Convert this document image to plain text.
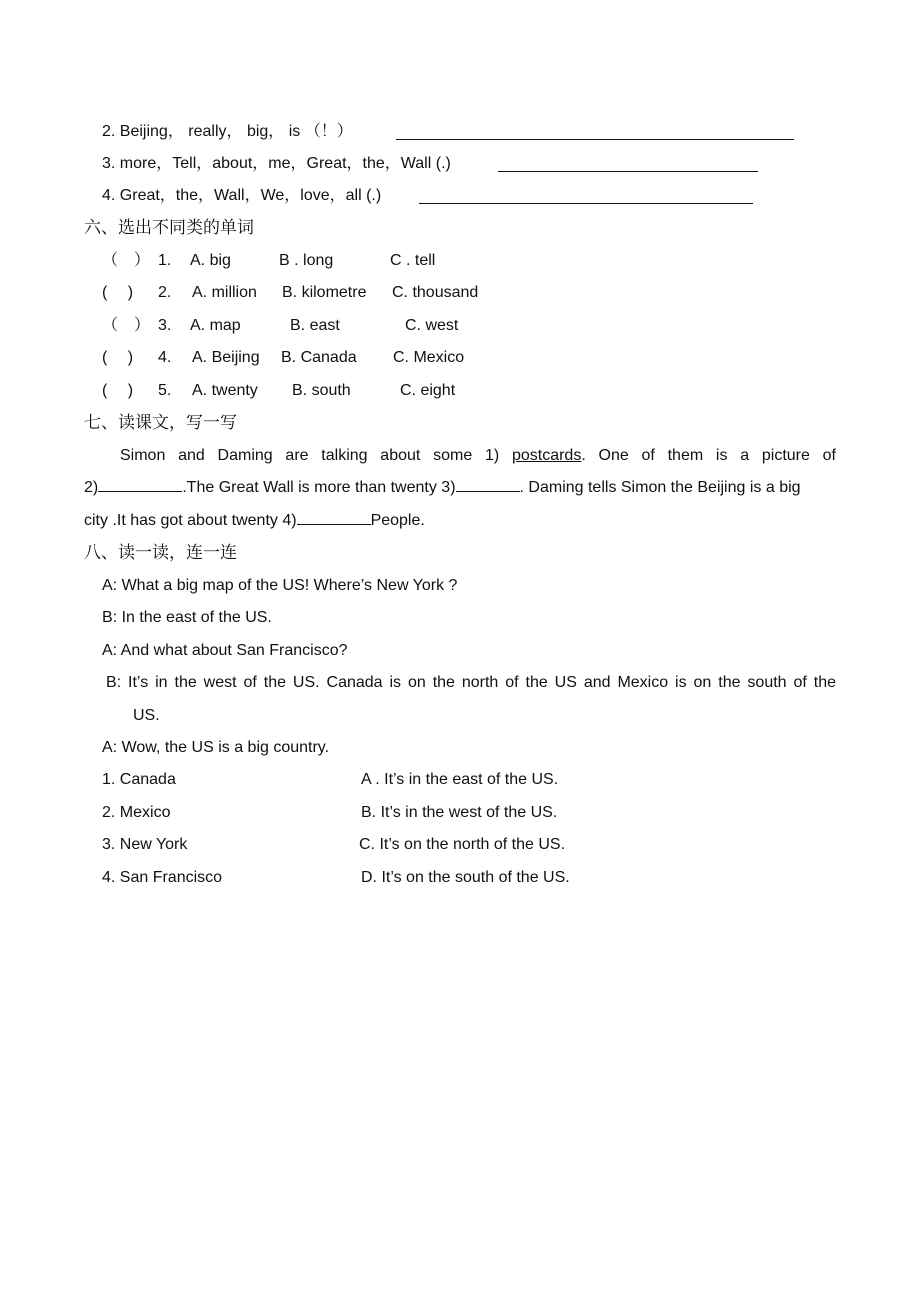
2. Beijing， really， big， is （！）
3. more，Tell，about，me，Great，the，Wall (.)
4. Great，the，Wall，We，love，all (.)
六、选出不同类的单词
（　） 1. A. big	B . long	C . tell
(　 ) 2. A. million B. kilometre C. thousand
（　） 3. A. map	B. east	C. west
(　 ) 4. A. Beijing B. Canada C. Mexico
(　 ) 5. A. twenty B. south	C. eight
七、读课文，写一写
Simon and Daming are talking about some 1) postcards. One of them is a picture of
2)	.The Great Wall is more than twenty 3)	. Daming tells Simon the Beijing is a big
city .It has got about twenty 4)	People.
八、读一读，连一连
A: What a big map of the US! Where’s New York ?
B: In the east of the US.
A: And what about San Francisco?
B: It’s in the west of the US. Canada is on the north of the US and Mexico is on the south of the
US.
A: Wow, the US is a big country.
1. Canada	A . It’s in the east of the US.
2. Mexico	B. It’s in the west of the US.
3. New York	C. It’s on the north of the US.
4. San Francisco	D. It’s on the south of the US.
